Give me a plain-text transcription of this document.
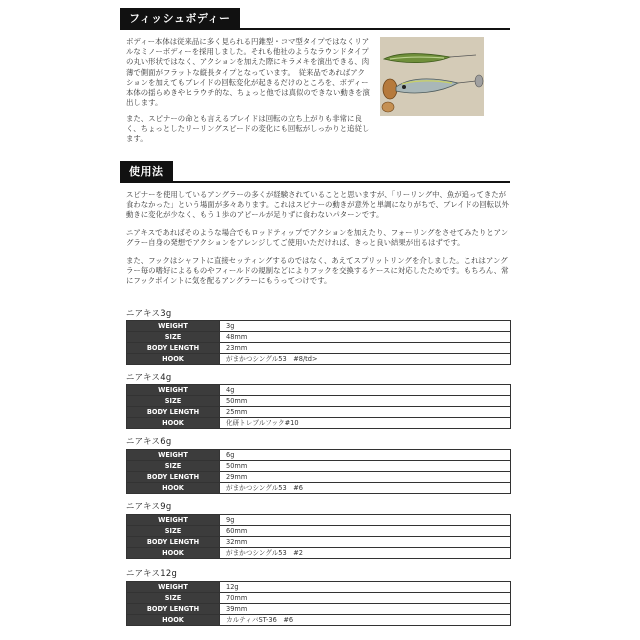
フィッシュボディー

ボディー本体は従来品に多く見られる円錐型・コマ型タイプではなくリアルなミノーボディーを採用しました。それも他社のようなラウンドタイプの丸い形状ではなく、アクションを加えた際にキラメキを演出できる、肉薄で側面がフラットな縦長タイプとなっています。　従来品であればアクションを加えてもブレイドの回転変化が起きるだけのところを、ボディー本体の揺らめきやヒラウチ的な、ちょっと他では真似のできない動きを演出します。

また、スピナーの命とも言えるブレイドは回転の立ち上がりも非常に良く、ちょっとしたリーリングスピードの変化にも回転がしっかりと追従します。

使用法

スピナーを使用しているアングラーの多くが経験されていることと思いますが、「リーリング中、魚が追ってきたが食わなかった」という場面が多々あります。これはスピナーの動きが意外と単調になりがちで、ブレイドの回転以外動きに変化が少なく、もう１歩のアピールが足りずに食わないパターンです。

ニアキスであればそのような場合でもロッドティップでアクションを加えたり、フォーリングをさせてみたりとアングラー自身の発想でアクションをアレンジしてご使用いただければ、きっと良い結果が出るはずです。

また、フックはシャフトに直接セッティングするのではなく、あえてスプリットリングを介しました。これはアングラー毎の嗜好によるものやフィールドの規制などによりフックを交換するケースに対応したためです。もちろん、常にフックポイントに気を配るアングラーにもうってつけです。

ニアキス3g
WEIGHT	3g
SIZE	48mm
BODY LENGTH	23mm
HOOK	がまかつシングル53　#8/td>
ニアキス4g
WEIGHT	4g
SIZE	50mm
BODY LENGTH	25mm
HOOK	化研トレブルフック#10
ニアキス6g
WEIGHT	6g
SIZE	50mm
BODY LENGTH	29mm
HOOK	がまかつシングル53　#6
ニアキス9g
WEIGHT	9g
SIZE	60mm
BODY LENGTH	32mm
HOOK	がまかつシングル53　#2
ニアキス12g
WEIGHT	12g
SIZE	70mm
BODY LENGTH	39mm
HOOK	カルティバST-36　#6
